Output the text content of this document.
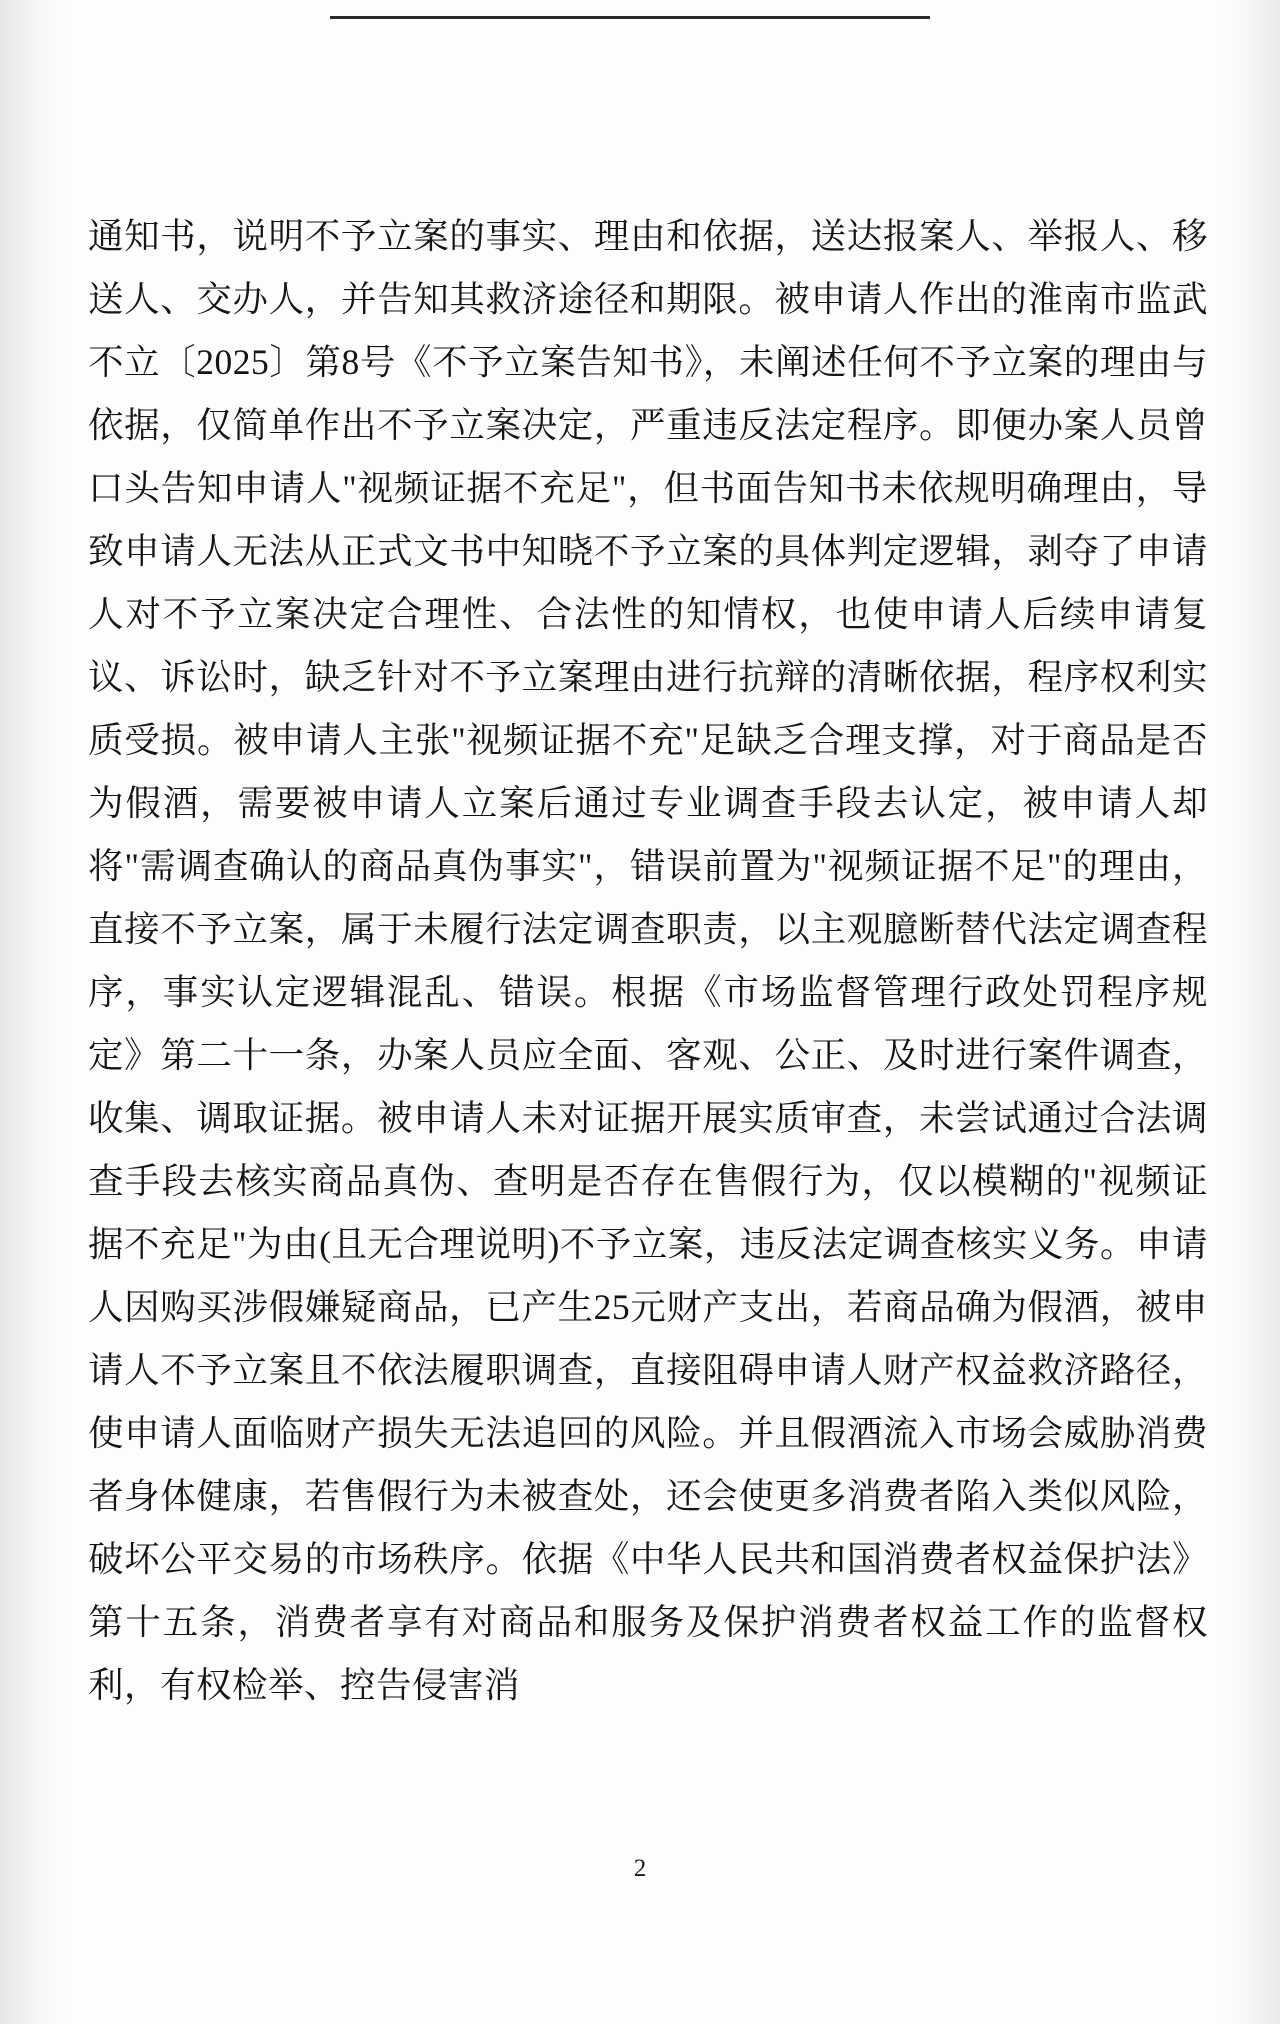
通知书，说明不予立案的事实、理由和依据，送达报案人、举报人、移送人、交办人，并告知其救济途径和期限。被申请人作出的淮南市监武不立〔2025〕第8号《不予立案告知书》，未阐述任何不予立案的理由与依据，仅简单作出不予立案决定，严重违反法定程序。即便办案人员曾口头告知申请人"视频证据不充足"，但书面告知书未依规明确理由，导致申请人无法从正式文书中知晓不予立案的具体判定逻辑，剥夺了申请人对不予立案决定合理性、合法性的知情权，也使申请人后续申请复议、诉讼时，缺乏针对不予立案理由进行抗辩的清晰依据，程序权利实质受损。被申请人主张"视频证据不充"足缺乏合理支撑，对于商品是否为假酒，需要被申请人立案后通过专业调查手段去认定，被申请人却将"需调查确认的商品真伪事实"，错误前置为"视频证据不足"的理由，直接不予立案，属于未履行法定调查职责，以主观臆断替代法定调查程序，事实认定逻辑混乱、错误。根据《市场监督管理行政处罚程序规定》第二十一条，办案人员应全面、客观、公正、及时进行案件调查，收集、调取证据。被申请人未对证据开展实质审查，未尝试通过合法调查手段去核实商品真伪、查明是否存在售假行为，仅以模糊的"视频证据不充足"为由(且无合理说明)不予立案，违反法定调查核实义务。申请人因购买涉假嫌疑商品，已产生25元财产支出，若商品确为假酒，被申请人不予立案且不依法履职调查，直接阻碍申请人财产权益救济路径，使申请人面临财产损失无法追回的风险。并且假酒流入市场会威胁消费者身体健康，若售假行为未被查处，还会使更多消费者陷入类似风险，破坏公平交易的市场秩序。依据《中华人民共和国消费者权益保护法》第十五条，消费者享有对商品和服务及保护消费者权益工作的监督权利，有权检举、控告侵害消

2
